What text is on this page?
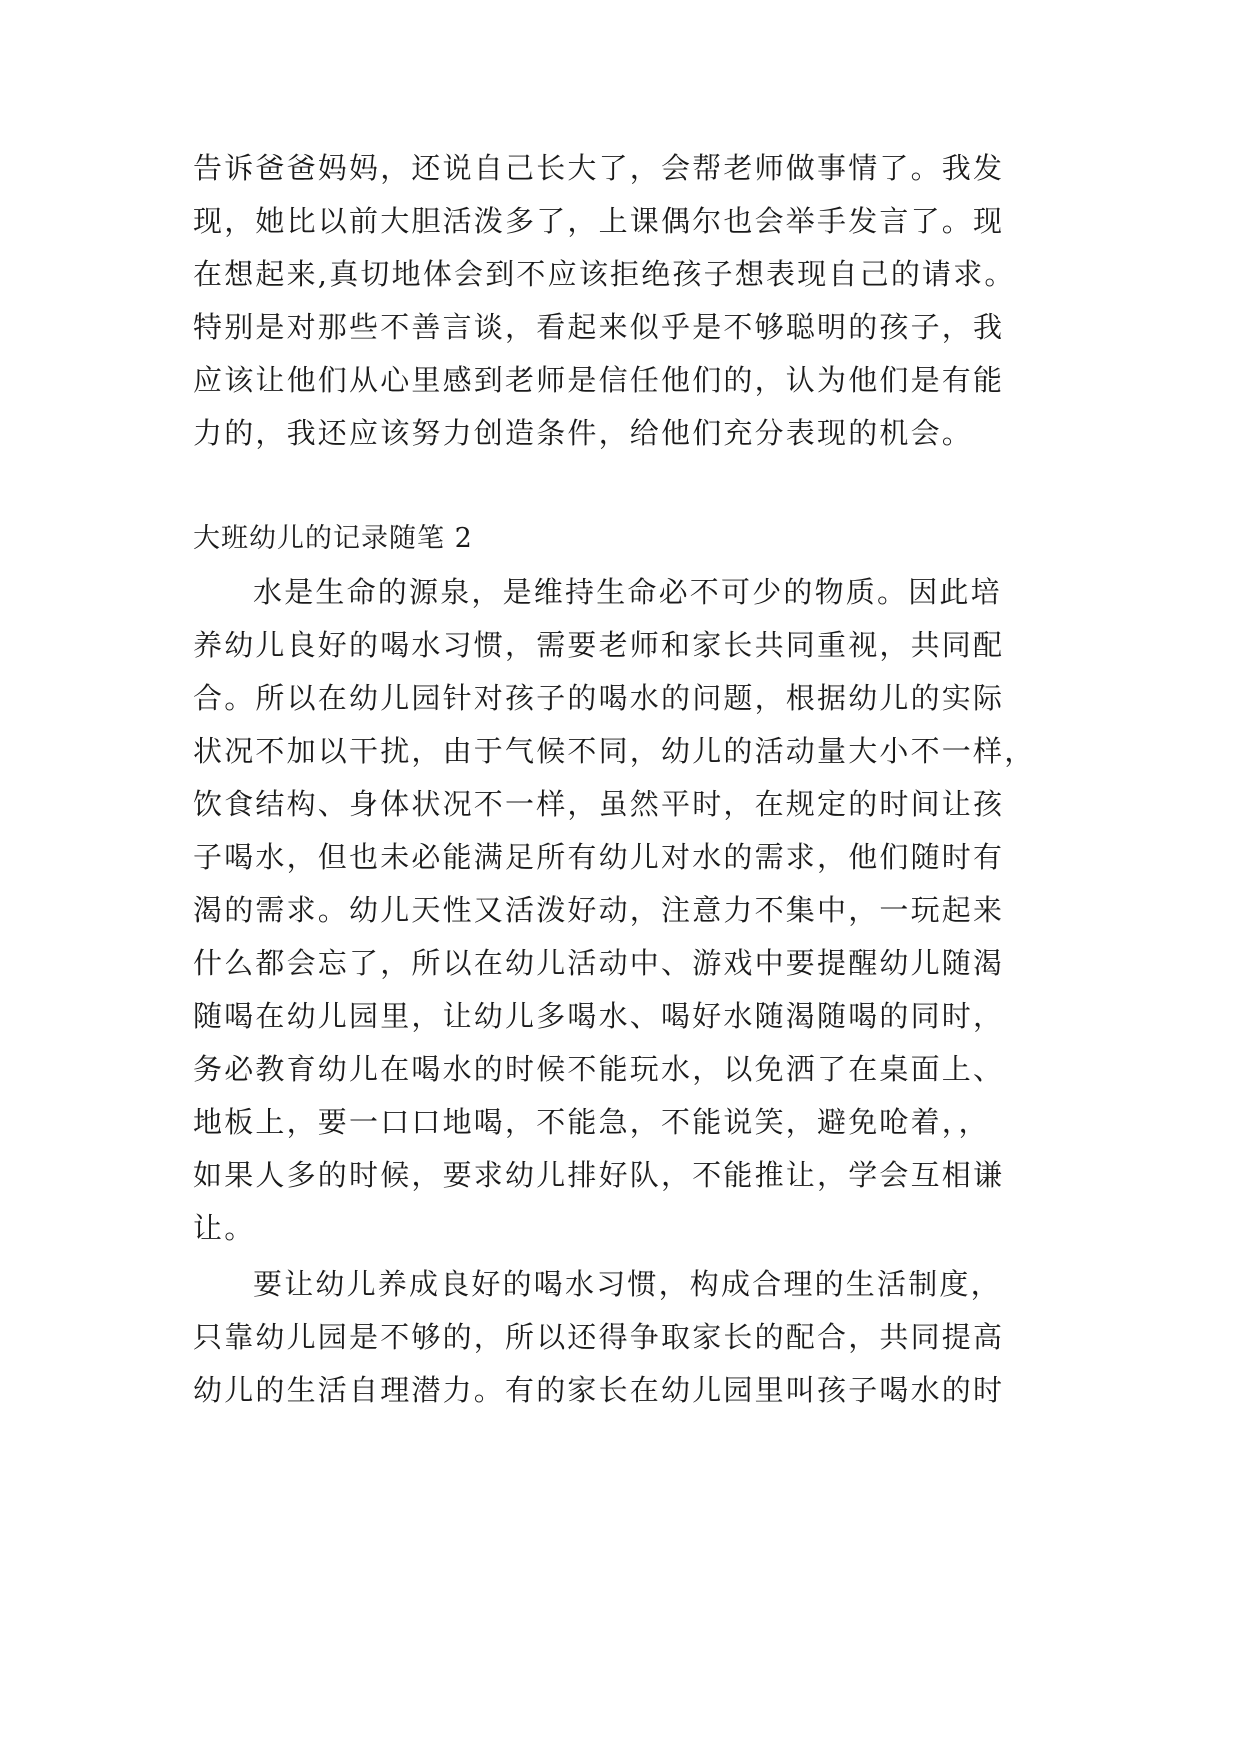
告诉爸爸妈妈，还说自己长大了，会帮老师做事情了。我发
现，她比以前大胆活泼多了，上课偶尔也会举手发言了。现
在想起来,真切地体会到不应该拒绝孩子想表现自己的请求。
特别是对那些不善言谈，看起来似乎是不够聪明的孩子，我
应该让他们从心里感到老师是信任他们的，认为他们是有能
力的，我还应该努力创造条件，给他们充分表现的机会。
大班幼儿的记录随笔 2
水是生命的源泉，是维持生命必不可少的物质。因此培
养幼儿良好的喝水习惯，需要老师和家长共同重视，共同配
合。所以在幼儿园针对孩子的喝水的问题，根据幼儿的实际
状况不加以干扰，由于气候不同，幼儿的活动量大小不一样，
饮食结构、身体状况不一样，虽然平时，在规定的时间让孩
子喝水，但也未必能满足所有幼儿对水的需求，他们随时有
渴的需求。幼儿天性又活泼好动，注意力不集中，一玩起来
什么都会忘了，所以在幼儿活动中、游戏中要提醒幼儿随渴
随喝在幼儿园里，让幼儿多喝水、喝好水随渴随喝的同时，
务必教育幼儿在喝水的时候不能玩水，以免洒了在桌面上、
地板上，要一口口地喝，不能急，不能说笑，避免呛着，，
如果人多的时候，要求幼儿排好队，不能推让，学会互相谦
让。
要让幼儿养成良好的喝水习惯，构成合理的生活制度，
只靠幼儿园是不够的，所以还得争取家长的配合，共同提高
幼儿的生活自理潜力。有的家长在幼儿园里叫孩子喝水的时
